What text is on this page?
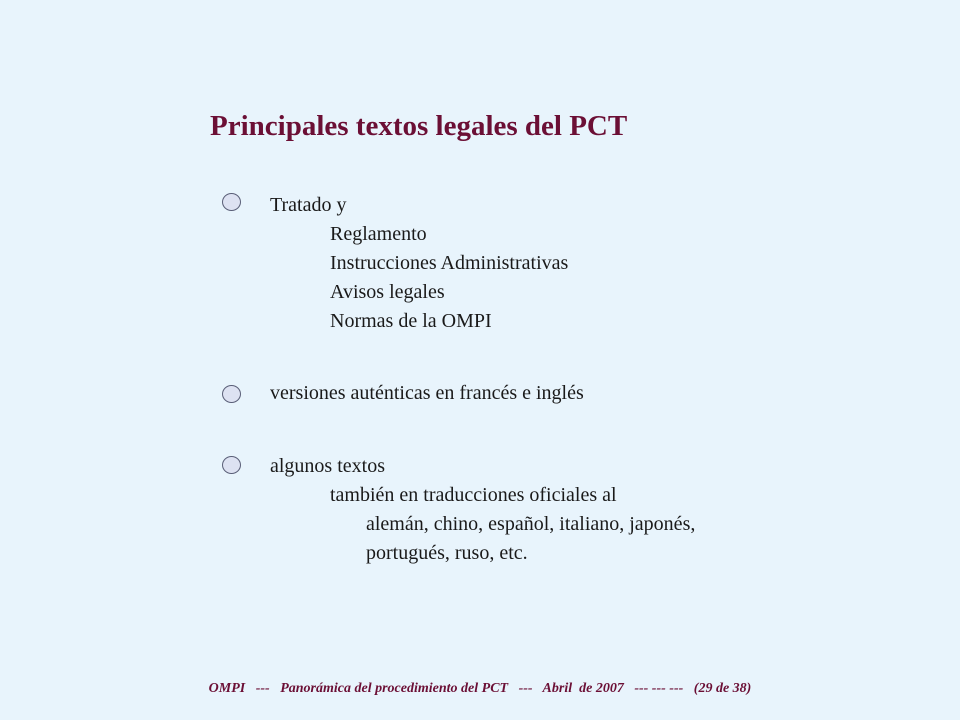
Principales textos legales del PCT
Tratado y
Reglamento
Instrucciones Administrativas
Avisos legales
Normas de la OMPI
versiones auténticas en francés e inglés
algunos textos
también en traducciones oficiales al
alemán, chino, español, italiano, japonés,
portugués, ruso, etc.
OMPI   ---   Panorámica del procedimiento del PCT   ---   Abril  de 2007   --- --- ---   (29 de 38)
